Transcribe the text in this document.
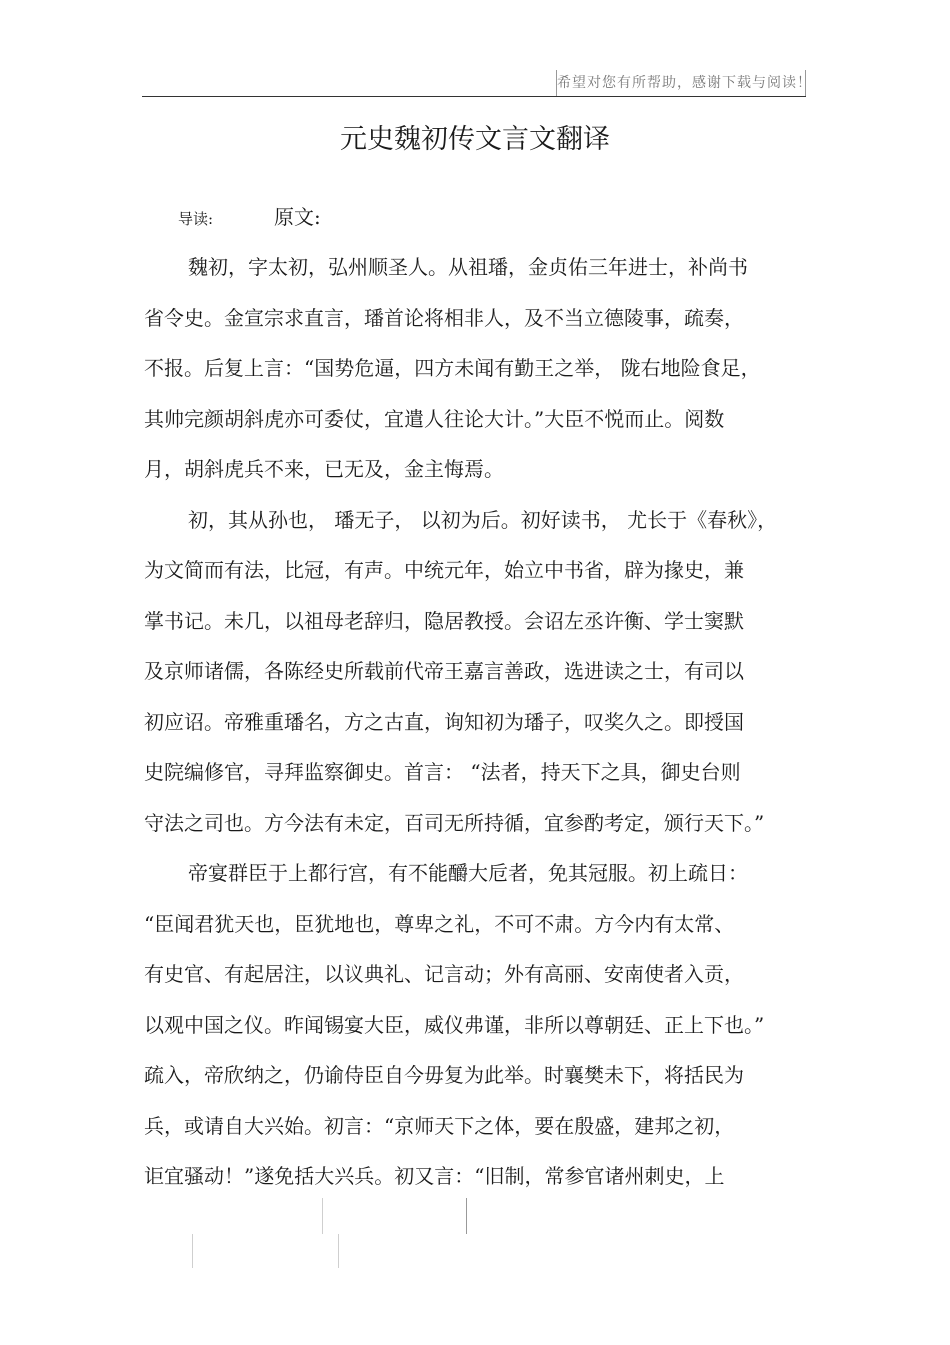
希望对您有所帮助，感谢下载与阅读！
元史魏初传文言文翻译
导读:	原文:
魏初，字太初，弘州顺圣人。从祖璠，金贞佑三年进士，补尚书
省令史。金宣宗求直言，璠首论将相非人，及不当立德陵事，疏奏，
不报。后复上言：“国势危逼，四方未闻有勤王之举， 陇右地险食足，
其帅完颜胡斜虎亦可委仗，宜遣人往论大计。”大臣不悦而止。阅数
月，胡斜虎兵不来，已无及，金主悔焉。
初，其从孙也， 璠无子， 以初为后。初好读书， 尤长于《春秋》，
为文简而有法，比冠，有声。中统元年，始立中书省，辟为掾史，兼
掌书记。未几，以祖母老辞归，隐居教授。会诏左丞许衡、学士窦默
及京师诸儒，各陈经史所载前代帝王嘉言善政，选进读之士，有司以
初应诏。帝雅重璠名，方之古直，询知初为璠子，叹奖久之。即授国
史院编修官，寻拜监察御史。首言： “法者，持天下之具，御史台则
守法之司也。方今法有未定，百司无所持循，宜参酌考定，颁行天下。”
帝宴群臣于上都行宫，有不能釂大卮者，免其冠服。初上疏日：
“臣闻君犹天也，臣犹地也，尊卑之礼，不可不肃。方今内有太常、
有史官、有起居注，以议典礼、记言动；外有高丽、安南使者入贡，
以观中国之仪。昨闻锡宴大臣，威仪弗谨，非所以尊朝廷、正上下也。”
疏入，帝欣纳之，仍谕侍臣自今毋复为此举。时襄樊未下，将括民为
兵，或请自大兴始。初言：“京师天下之体，要在殷盛，建邦之初，
讵宜骚动！”遂免括大兴兵。初又言：“旧制，常参官诸州刺史，上
